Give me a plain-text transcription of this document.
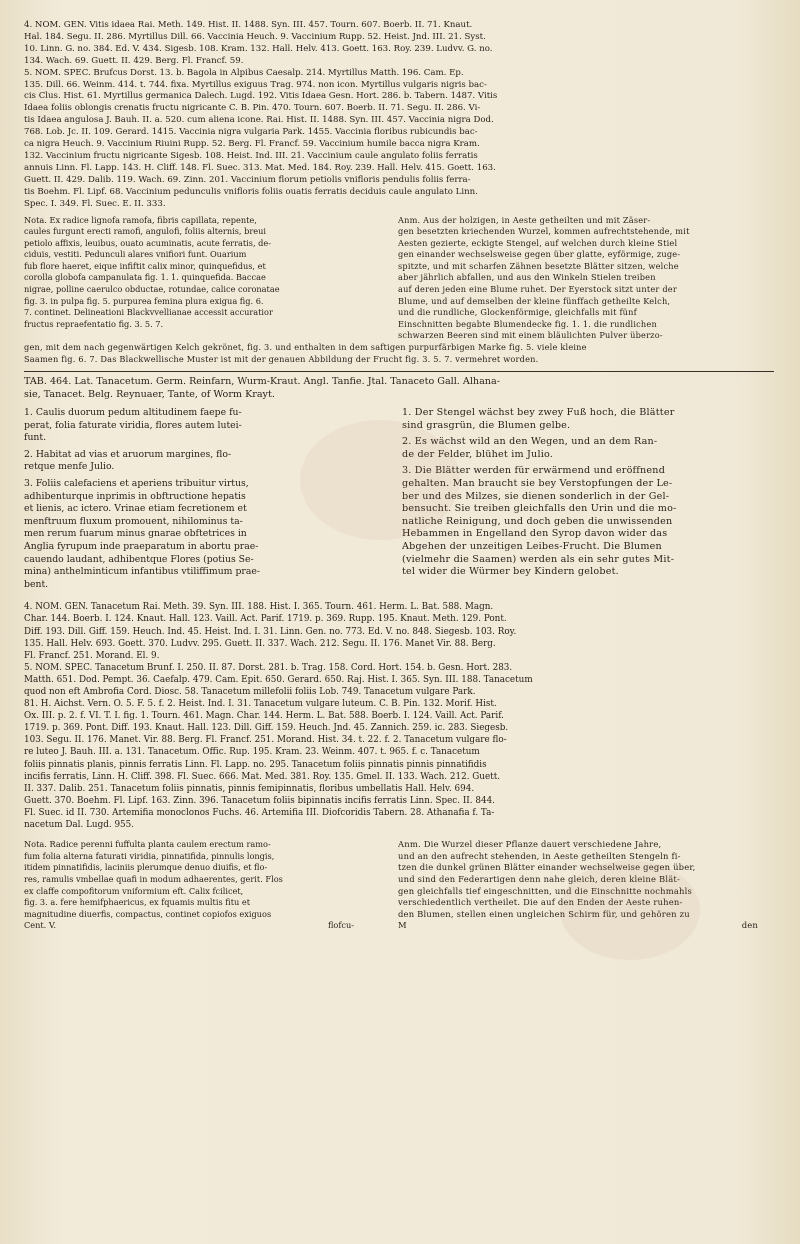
4. NOM. GEN. Vitis idaea Rai. Meth. 149. Hist. II. 1488. Syn. III. 457. Tourn. 607. Boerb. II. 71. Knaut.
Hal. 184. Segu. II. 286. Myrtillus Dill. 66. Vaccinia Heuch. 9. Vaccinium Rupp. 52. Heist. Jnd. III. 21. Syst.
10. Linn. G. no. 384. Ed. V. 434. Sigesb. 108. Kram. 132. Hall. Helv. 413. Goett. 163. Roy. 239. Ludvv. G. no.
134. Wach. 69. Guett. II. 429. Berg. Fl. Francf. 59.
5. NOM. SPEC. Brufcus Dorst. 13. b. Bagola in Alpibus Caesalp. 214. Myrtillus Matth. 196. Cam. Ep.
135. Dill. 66. Weinm. 414. t. 744. fixa. Myrtillus exiguus Trag. 974. non icon. Myrtillus vulgaris nigris bac-
cis Clus. Hist. 61. Myrtillus germanica Dalech. Lugd. 192. Vitis Idaea Gesn. Hort. 286. b. Tabern. 1487. Vitis
Idaea foliis oblongis crenatis fructu nigricante C. B. Pin. 470. Tourn. 607. Boerb. II. 71. Segu. II. 286. Vi-
tis Idaea angulosa J. Bauh. II. a. 520. cum aliena icone. Rai. Hist. II. 1488. Syn. III. 457. Vaccinia nigra Dod.
768. Lob. Jc. II. 109. Gerard. 1415. Vaccinia nigra vulgaria Park. 1455. Vaccinia floribus rubicundis bac-
ca nigra Heuch. 9. Vaccinium Riuini Rupp. 52. Berg. Fl. Francf. 59. Vaccinium humile bacca nigra Kram.
132. Vaccinium fructu nigricante Sigesb. 108. Heist. Ind. III. 21. Vaccinium caule angulato foliis ferratis
annuis Linn. Fl. Lapp. 143. H. Cliff. 148. Fl. Suec. 313. Mat. Med. 184. Roy. 239. Hall. Helv. 415. Goett. 163.
Guett. II. 429. Dalib. 119. Wach. 69. Zinn. 201. Vaccinium florum petiolis vnifloris pendulis foliis ferra-
tis Boehm. Fl. Lipf. 68. Vaccinium pedunculis vnifloris foliis ouatis ferratis deciduis caule angulato Linn.
Spec. I. 349. Fl. Suec. E. II. 333.
Nota. Ex radice lignofa ramofa, fibris capillata, repente,
caules furgunt erecti ramofi, angulofi, foliis alternis, breui
petiolo affixis, leuibus, ouato acuminatis, acute ferratis, de-
ciduis, vestiti. Pedunculi alares vnifiori funt. Ouarium
fub flore haeret, eique infiftit calix minor, quinquefidus, et
corolla globofa campanulata fig. 1. 1. quinquefida. Baccae
nigrae, polline caerulco obductae, rotundae, calice coronatae
fig. 3. in pulpa fig. 5. purpurea femina plura exigua fig. 6.
7. continet. Delineationi Blackvvellianae accessit accuratior
fructus repraefentatio fig. 3. 5. 7.
Anm. Aus der holzigen, in Aeste getheilten und mit Zäser-
gen besetzten kriechenden Wurzel, kommen aufrechtstehende, mit
Aesten gezierte, eckigte Stengel, auf welchen durch kleine Stiel
gen einander wechselsweise gegen über glatte, eyförmige, zuge-
spitzte, und mit scharfen Zähnen besetzte Blätter sitzen, welche
aber jährlich abfallen, und aus den Winkeln Stielen treiben
auf deren jeden eine Blume ruhet. Der Eyerstock sitzt unter der
Blume, und auf demselben der kleine fünffach getheilte Kelch,
und die rundliche, Glockenförmige, gleichfalls mit fünf
Einschnitten begabte Blumendecke fig. 1. 1. die rundlichen
schwarzen Beeren sind mit einem bläulichten Pulver überzo-
gen, mit dem nach gegenwärtigen Kelch gekrönet, fig. 3. und enthalten in dem saftigen purpurfärbigen Marke fig. 5. viele kleine
Saamen fig. 6. 7. Das Blackwellische Muster ist mit der genauen Abbildung der Frucht fig. 3. 5. 7. vermehret worden.
TAB. 464. Lat. Tanacetum. Germ. Reinfarn, Wurm-Kraut. Angl. Tanfie. Jtal. Tanaceto Gall. Alhana-
sie, Tanacet. Belg. Reynuaer, Tante, of Worm Krayt.
1. Caulis duorum pedum altitudinem faepe fu-
perat, folia faturate viridia, flores autem lutei-
funt.
2. Habitat ad vias et aruorum margines, flo-
retque menfe Julio.
3. Foliis calefaciens et aperiens tribuitur virtus,
adhibenturque inprimis in obftructione hepatis
et lienis, ac ictero. Vrinae etiam fecretionem et
menftruum fluxum promouent, nihilominus ta-
men rerum fuarum minus gnarae obftetrices in
Anglia fyrupum inde praeparatum in abortu prae-
cauendo laudant, adhibentque Flores (potius Se-
mina) anthelminticum infantibus vtiliffimum prae-
bent.
1. Der Stengel wächst bey zwey Fuß hoch, die Blätter
sind grasgrün, die Blumen gelbe.
2. Es wächst wild an den Wegen, und an dem Ran-
de der Felder, blühet im Julio.
3. Die Blätter werden für erwärmend und eröffnend
gehalten. Man braucht sie bey Verstopfungen der Le-
ber und des Milzes, sie dienen sonderlich in der Gel-
bensucht. Sie treiben gleichfalls den Urin und die mo-
natliche Reinigung, und doch geben die unwissenden
Hebammen in Engelland den Syrop davon wider das
Abgehen der unzeitigen Leibes-Frucht. Die Blumen
(vielmehr die Saamen) werden als ein sehr gutes Mit-
tel wider die Würmer bey Kindern gelobet.
4. NOM. GEN. Tanacetum Rai. Meth. 39. Syn. III. 188. Hist. I. 365. Tourn. 461. Herm. L. Bat. 588. Magn.
Char. 144. Boerb. I. 124. Knaut. Hall. 123. Vaill. Act. Parif. 1719. p. 369. Rupp. 195. Knaut. Meth. 129. Pont.
Diff. 193. Dill. Giff. 159. Heuch. Ind. 45. Heist. Ind. I. 31. Linn. Gen. no. 773. Ed. V. no. 848. Siegesb. 103. Roy.
135. Hall. Helv. 693. Goett. 370. Ludvv. 295. Guett. II. 337. Wach. 212. Segu. II. 176. Manet Vir. 88. Berg.
Fl. Francf. 251. Morand. El. 9.
5. NOM. SPEC. Tanacetum Brunf. I. 250. II. 87. Dorst. 281. b. Trag. 158. Cord. Hort. 154. b. Gesn. Hort. 283.
Matth. 651. Dod. Pempt. 36. Caefalp. 479. Cam. Epit. 650. Gerard. 650. Raj. Hist. I. 365. Syn. III. 188. Tanacetum
quod non eft Ambrofia Cord. Diosc. 58. Tanacetum millefolii foliis Lob. 749. Tanacetum vulgare Park.
81. H. Aichst. Vern. O. 5. F. 5. f. 2. Heist. Ind. I. 31. Tanacetum vulgare luteum. C. B. Pin. 132. Morif. Hist.
Ox. III. p. 2. f. VI. T. I. fig. 1. Tourn. 461. Magn. Char. 144. Herm. L. Bat. 588. Boerb. I. 124. Vaill. Act. Parif.
1719. p. 369. Pont. Diff. 193. Knaut. Hall. 123. Dill. Giff. 159. Heuch. Jnd. 45. Zannich. 259. ic. 283. Siegesb.
103. Segu. II. 176. Manet. Vir. 88. Berg. Fl. Francf. 251. Morand. Hist. 34. t. 22. f. 2. Tanacetum vulgare flo-
re luteo J. Bauh. III. a. 131. Tanacetum. Offic. Rup. 195. Kram. 23. Weinm. 407. t. 965. f. c. Tanacetum
foliis pinnatis planis, pinnis ferratis Linn. Fl. Lapp. no. 295. Tanacetum foliis pinnatis pinnis pinnatifidis
incifis ferratis, Linn. H. Cliff. 398. Fl. Suec. 666. Mat. Med. 381. Roy. 135. Gmel. II. 133. Wach. 212. Guett.
II. 337. Dalib. 251. Tanacetum foliis pinnatis, pinnis femipinnatis, floribus umbellatis Hall. Helv. 694.
Guett. 370. Boehm. Fl. Lipf. 163. Zinn. 396. Tanacetum foliis bipinnatis incifis ferratis Linn. Spec. II. 844.
Fl. Suec. id II. 730. Artemifia monoclonos Fuchs. 46. Artemifia III. Diofcoridis Tabern. 28. Athanafia f. Ta-
nacetum Dal. Lugd. 955.
Nota. Radice perenni fuffulta planta caulem erectum ramo-
fum folia alterna faturati viridia, pinnatifida, pinnulis longis,
itidem pinnatifidis, laciniis plerumque denuo diuifis, et flo-
res, ramulis vmbellae quafi in modum adhaerentes, gerit. Flos
ex claffe compofitorum vniformium eft. Calix fcilicet,
fig. 3. a. fere hemifphaericus, ex fquamis multis fitu et
magnitudine diuerfis, compactus, continet copiofos exiguos
Cent. V.	flofcu-
Anm. Die Wurzel dieser Pflanze dauert verschiedene Jahre,
und an den aufrecht stehenden, in Aeste getheilten Stengeln fi-
tzen die dunkel grünen Blätter einander wechselweise gegen über,
und sind den Federartigen denn nahe gleich, deren kleine Blät-
gen gleichfalls tief eingeschnitten, und die Einschnitte nochmahls
verschiedentlich vertheilet. Die auf den Enden der Aeste ruhen-
den Blumen, stellen einen ungleichen Schirm für, und gehören zu
M	den
